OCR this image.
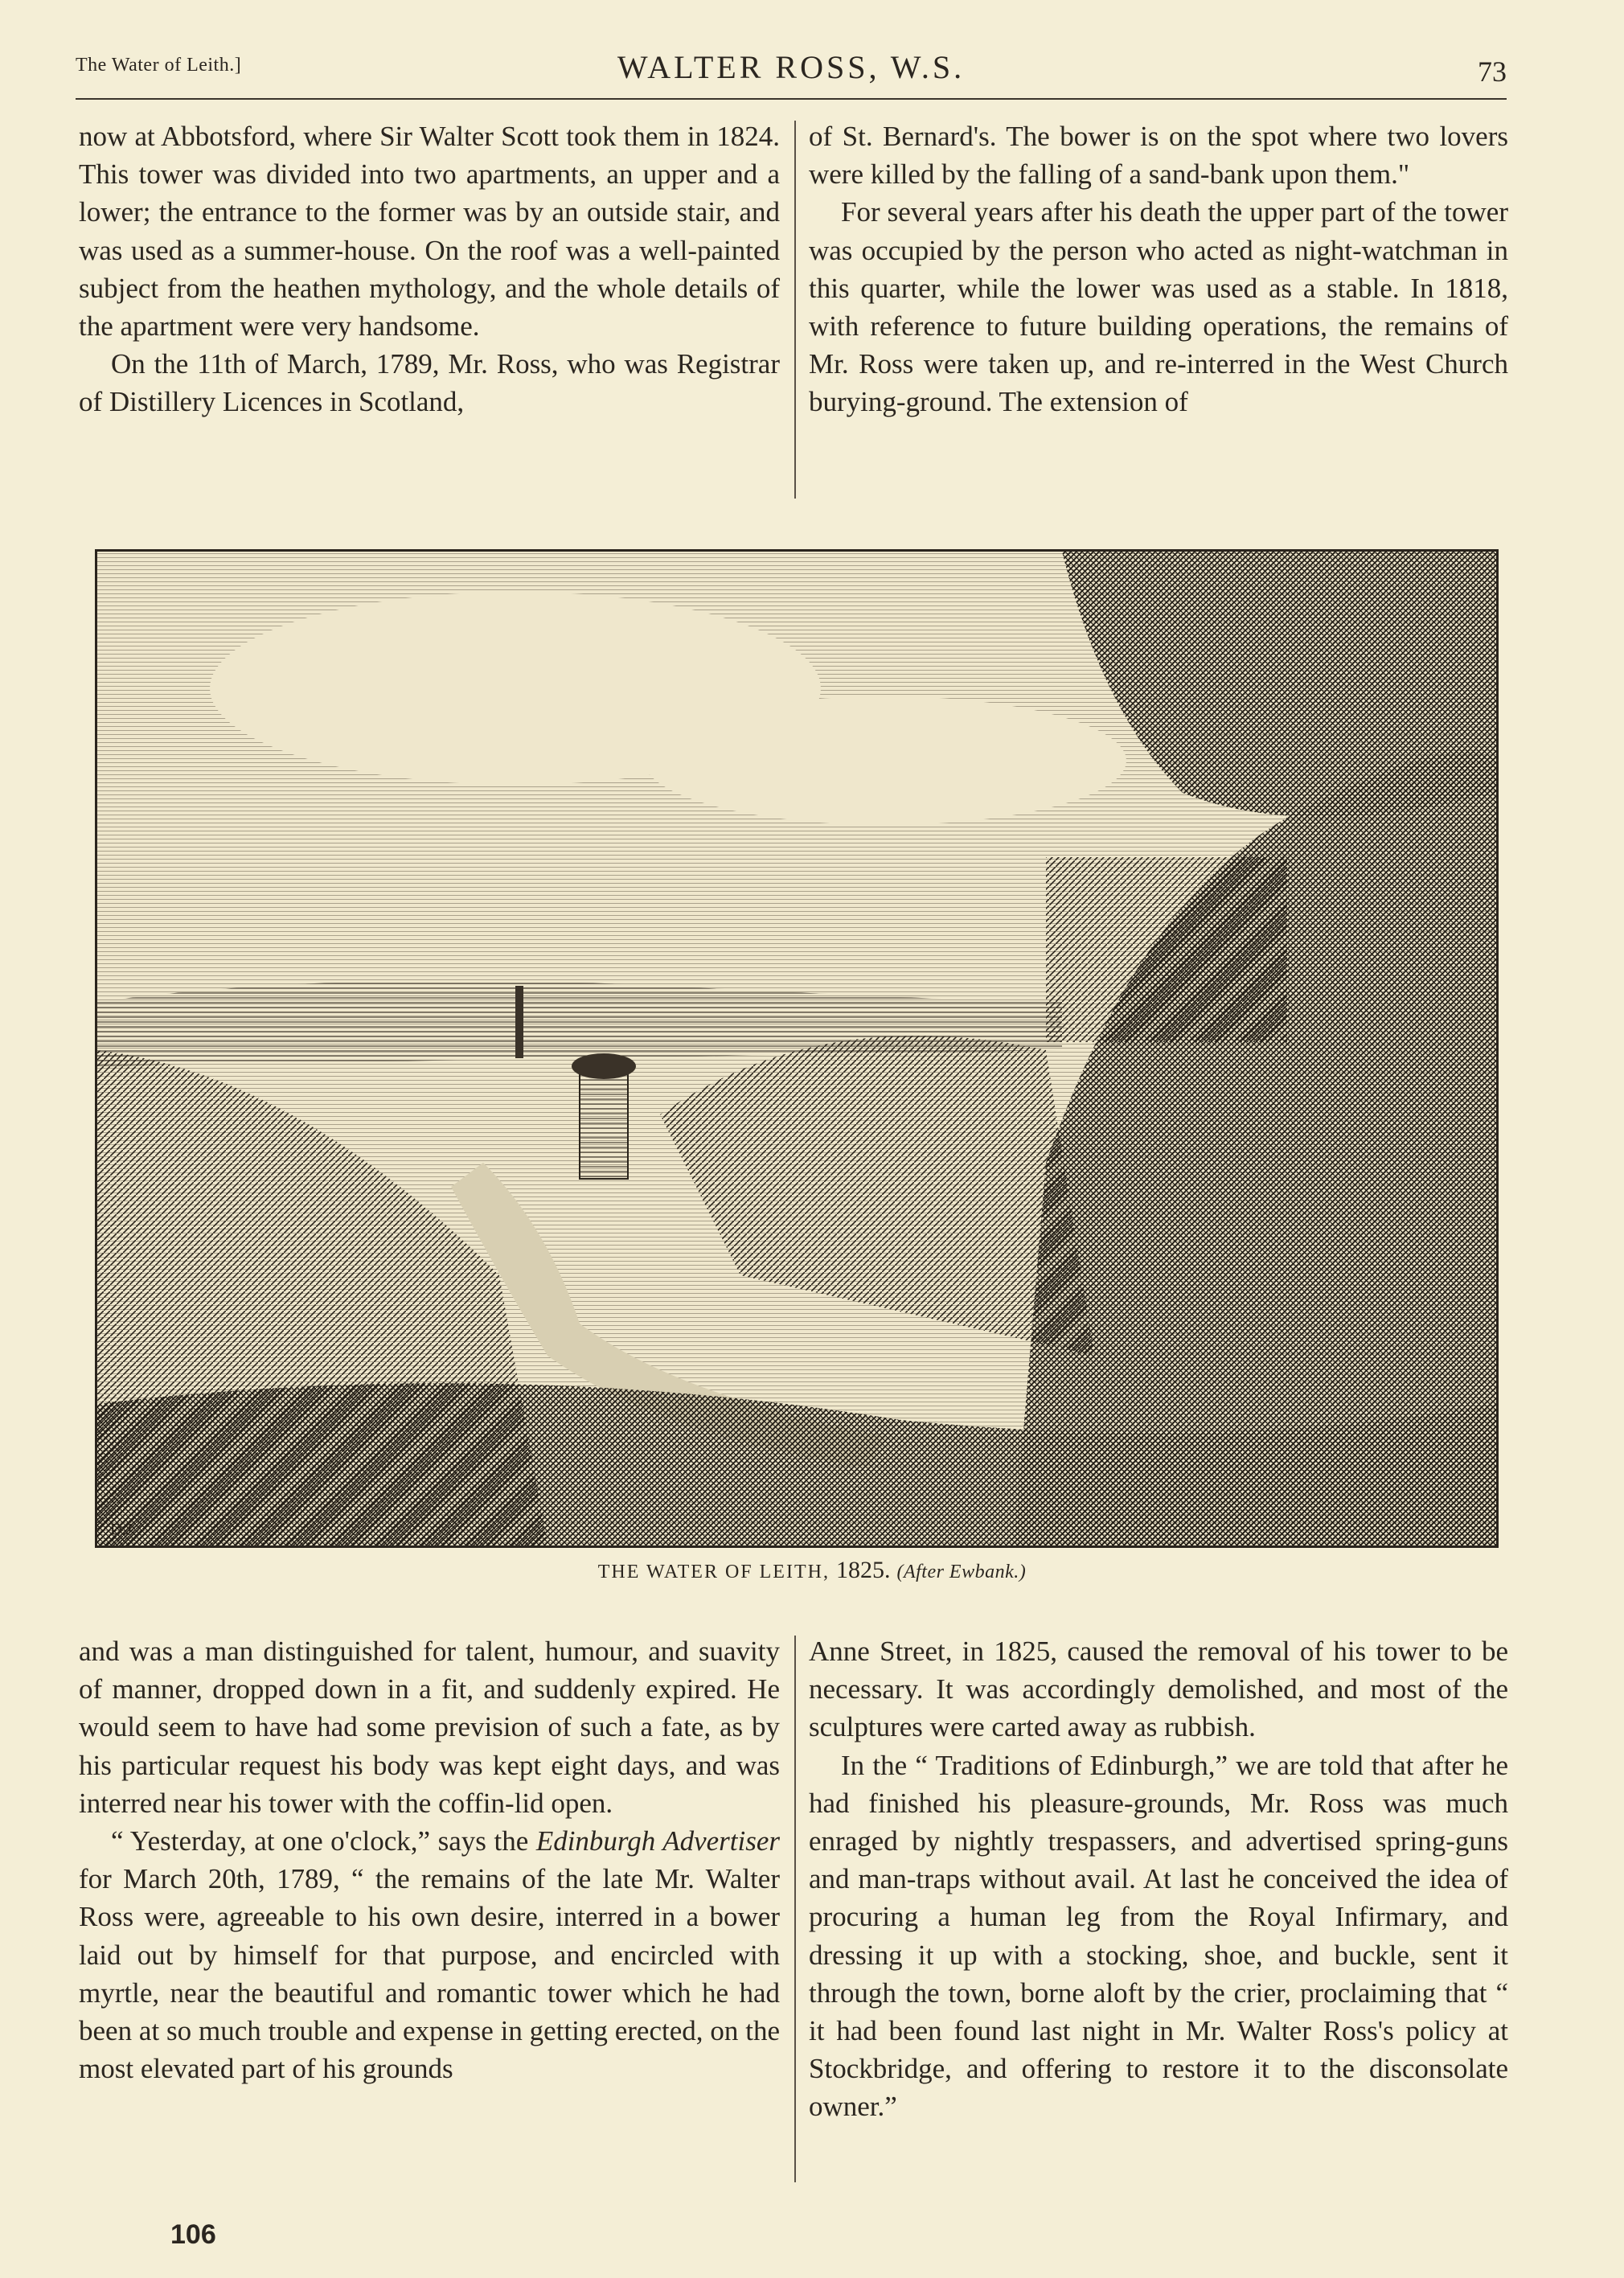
The Water of Leith.]	WALTER ROSS, W.S.	73

now at Abbotsford, where Sir Walter Scott took them in 1824. This tower was divided into two apartments, an upper and a lower; the entrance to the former was by an outside stair, and was used as a summer-house. On the roof was a well-painted subject from the heathen mythology, and the whole details of the apartment were very handsome.

On the 11th of March, 1789, Mr. Ross, who was Registrar of Distillery Licences in Scotland,

of St. Bernard's. The bower is on the spot where two lovers were killed by the falling of a sand-bank upon them."

For several years after his death the upper part of the tower was occupied by the person who acted as night-watchman in this quarter, while the lower was used as a stable. In 1818, with reference to future building operations, the remains of Mr. Ross were taken up, and re-interred in the West Church burying-ground. The extension of

D.J.
THE WATER OF LEITH, 1825. (After Ewbank.)

and was a man distinguished for talent, humour, and suavity of manner, dropped down in a fit, and suddenly expired. He would seem to have had some prevision of such a fate, as by his particular request his body was kept eight days, and was interred near his tower with the coffin-lid open.

“ Yesterday, at one o'clock,” says the Edinburgh Advertiser for March 20th, 1789, “ the remains of the late Mr. Walter Ross were, agreeable to his own desire, interred in a bower laid out by himself for that purpose, and encircled with myrtle, near the beautiful and romantic tower which he had been at so much trouble and expense in getting erected, on the most elevated part of his grounds

Anne Street, in 1825, caused the removal of his tower to be necessary. It was accordingly demolished, and most of the sculptures were carted away as rubbish.

In the “ Traditions of Edinburgh,” we are told that after he had finished his pleasure-grounds, Mr. Ross was much enraged by nightly trespassers, and advertised spring-guns and man-traps without avail. At last he conceived the idea of procuring a human leg from the Royal Infirmary, and dressing it up with a stocking, shoe, and buckle, sent it through the town, borne aloft by the crier, proclaiming that “ it had been found last night in Mr. Walter Ross's policy at Stockbridge, and offering to restore it to the disconsolate owner.”

106
